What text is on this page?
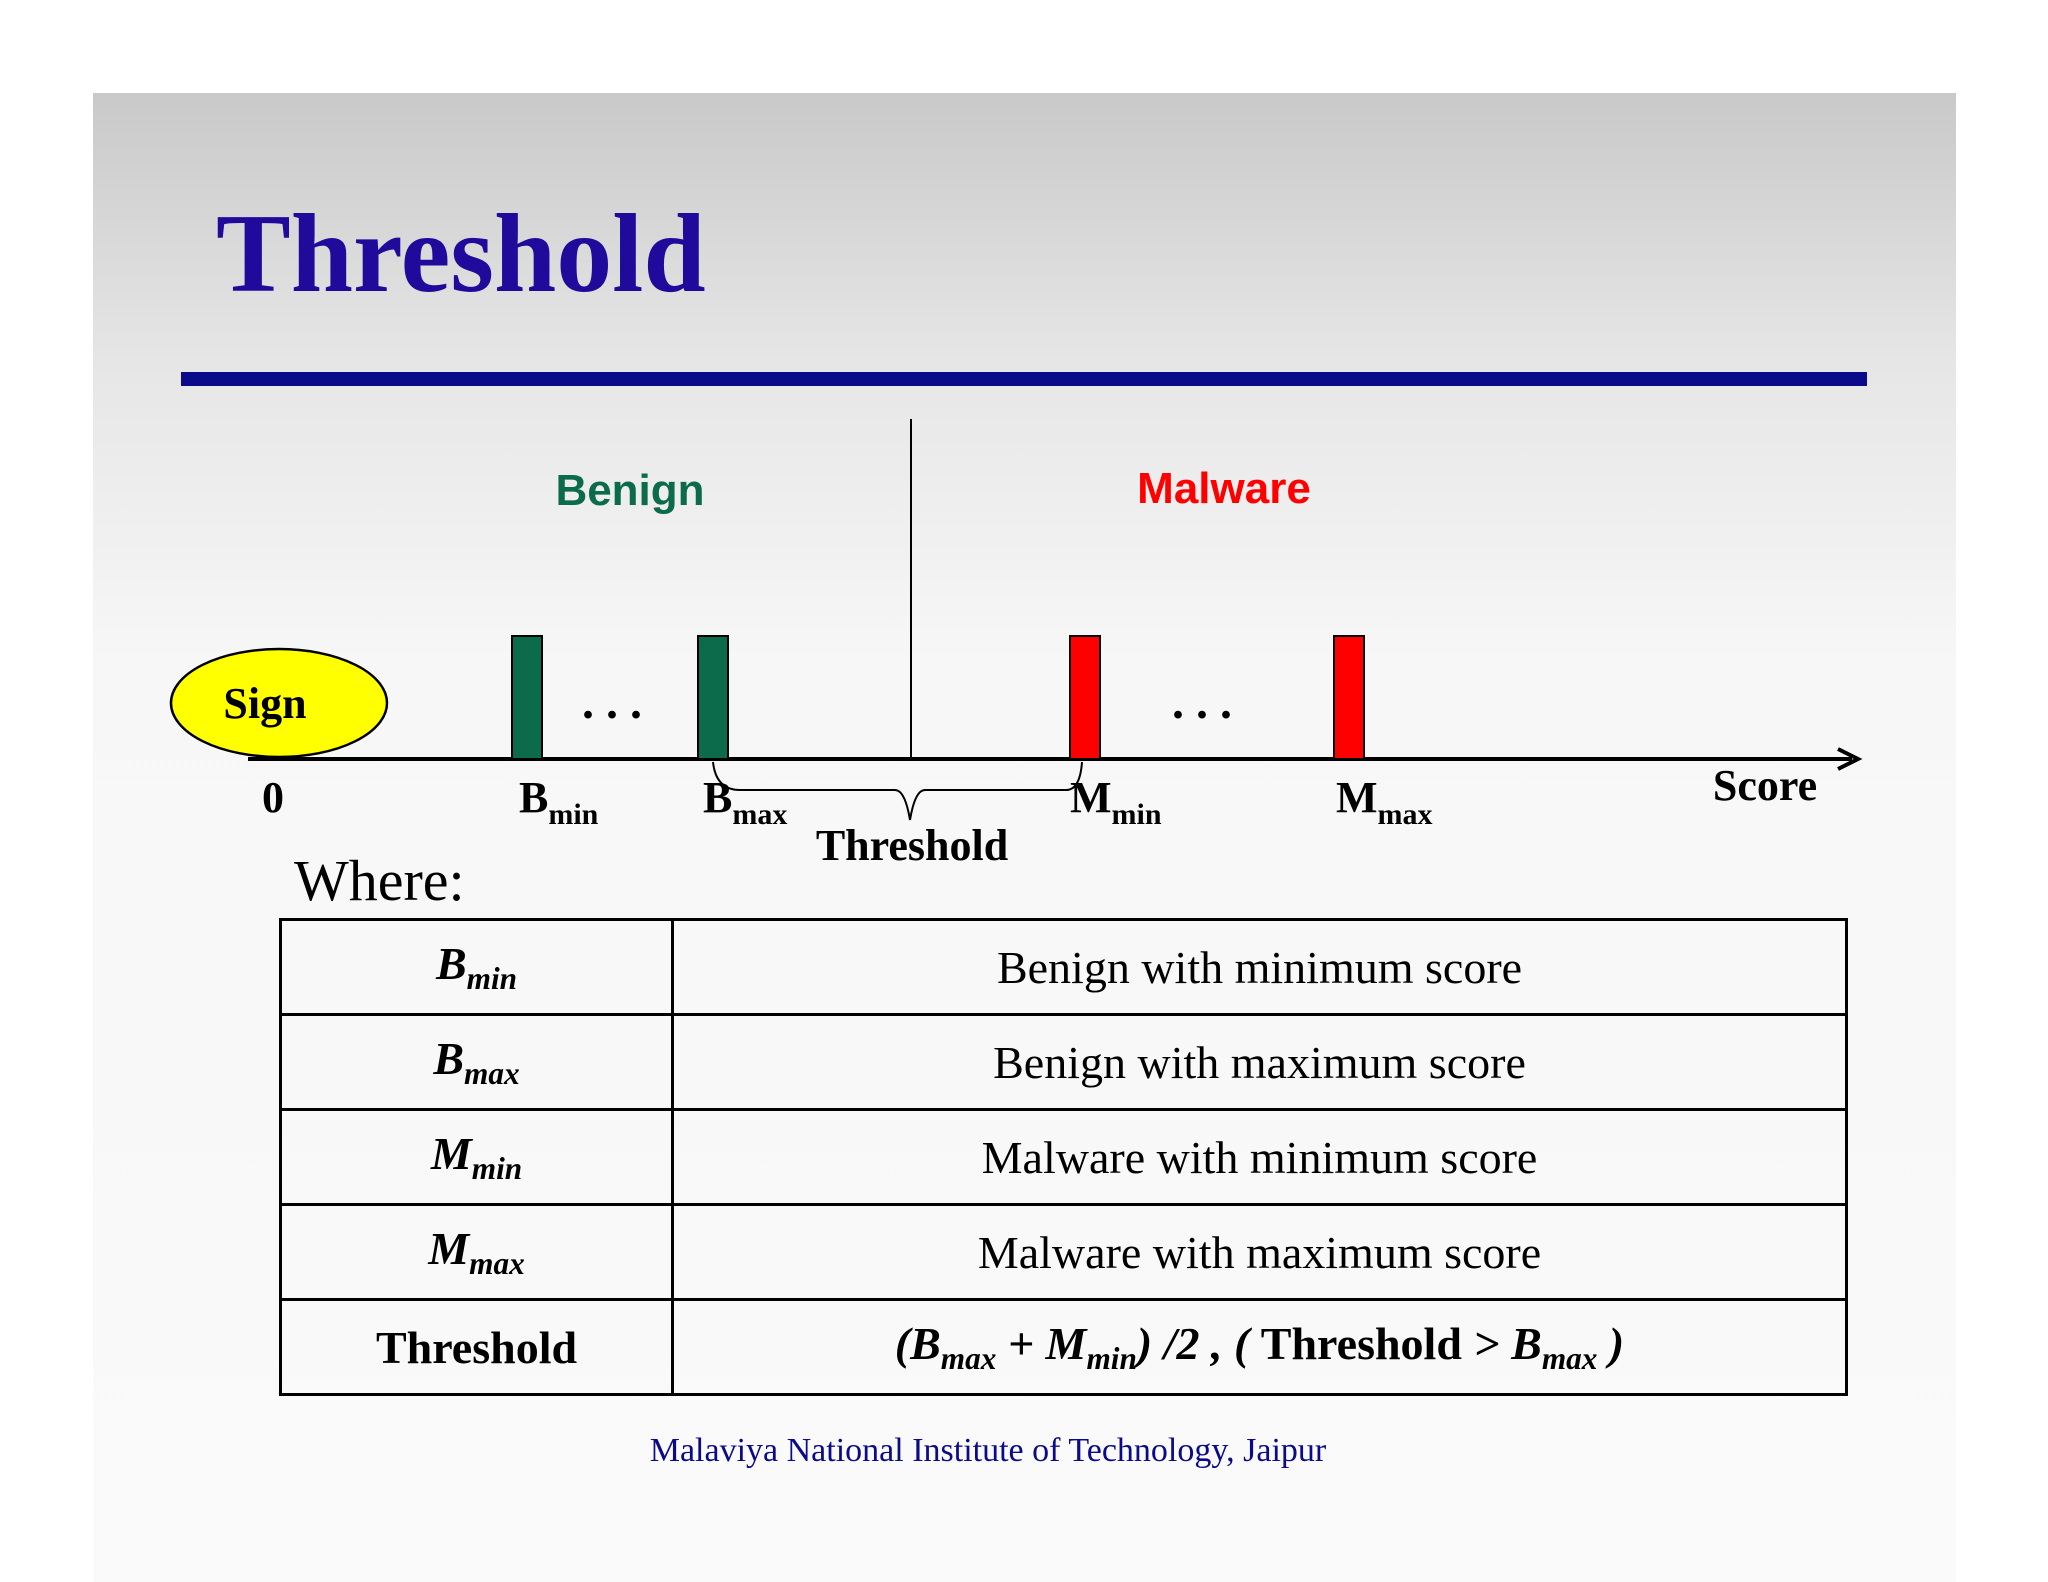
Threshold
Benign	Malware
Sign	. . .	. . .
Threshold
0	Score
$B_{min}$ $B_{max}$	$M_{min}$	$M_{max}$
Where:
$B_{min}$	Benign with minimum score
$B_{max}$	Benign with maximum score
$M_{min}$	Malware with minimum score
$M_{max}$	Malware with maximum score
Threshold	$(B_{max} + M_{min})$ /2 , ( Threshold > $B_{max}$ )
Malaviya National Institute of Technology, Jaipur
